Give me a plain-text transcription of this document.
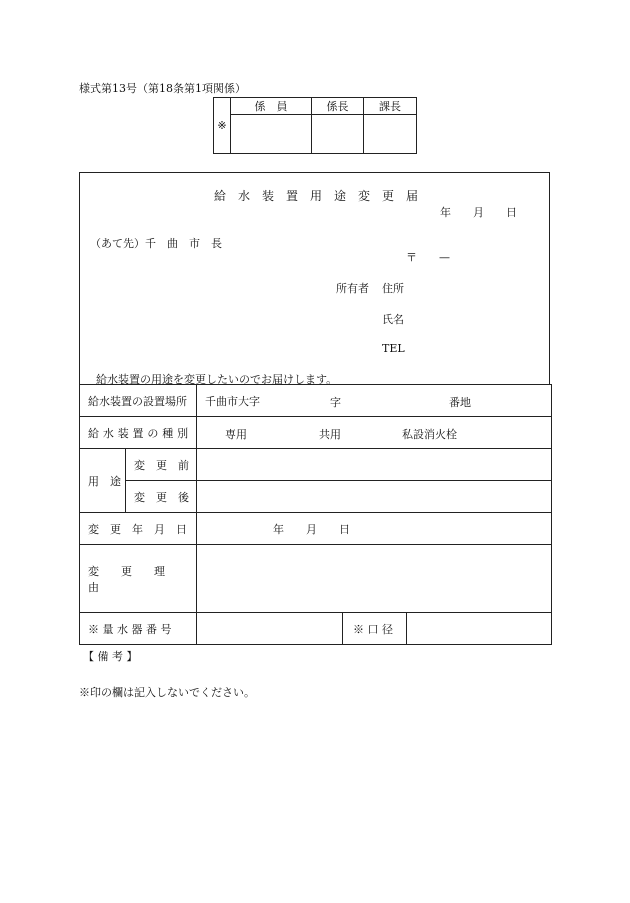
様式第13号（第18条第1項関係）
※	係　員	係長	課長

給　水　装　置　用　途　変　更　届
年　　月　　日
（あて先）千　曲　市　長
〒　　—
所有者 住所
氏名
TEL
給水装置の用途を変更したいのでお届けします。
給水装置の設置場所		千曲市大字 字 番地		

給水装置の種別		専用 共用 私設消火栓		

用　途	変　更　前			
	変　更　後			
変　更　年　月　日		年　　月　　日		
変　　更　　理　　由				
※ 量 水 器 番 号			※ 口 径	
【 備 考 】
※印の欄は記入しないでください。
